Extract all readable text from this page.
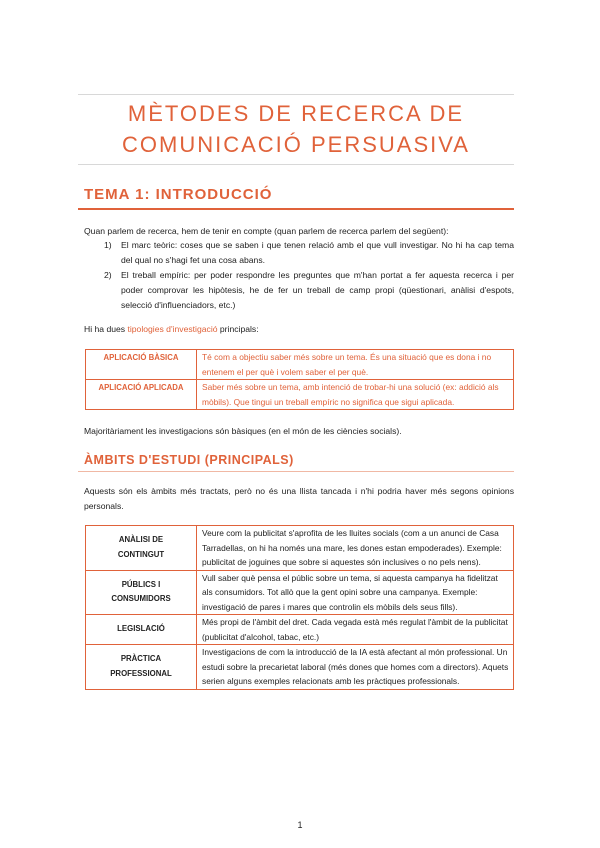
MÈTODES DE RECERCA DE
COMUNICACIÓ PERSUASIVA
TEMA 1: INTRODUCCIÓ
Quan parlem de recerca, hem de tenir en compte (quan parlem de recerca parlem del següent):
1) El marc teòric: coses que se saben i que tenen relació amb el que vull investigar. No hi ha cap tema del qual no s'hagi fet una cosa abans.
2) El treball empíric: per poder respondre les preguntes que m'han portat a fer aquesta recerca i per poder comprovar les hipòtesis, he de fer un treball de camp propi (qüestionari, anàlisi d'espots, selecció d'influenciadors, etc.)
Hi ha dues tipologies d'investigació principals:
APLICACIÓ BÀSICA	Té com a objectiu saber més sobre un tema. És una situació que es dona i no entenem el per què i volem saber el per què.
APLICACIÓ APLICADA	Saber més sobre un tema, amb intenció de trobar-hi una solució (ex: addició als mòbils). Que tingui un treball empíric no significa que sigui aplicada.
Majoritàriament les investigacions són bàsiques (en el món de les ciències socials).
ÀMBITS D'ESTUDI (PRINCIPALS)
Aquests són els àmbits més tractats, però no és una llista tancada i n'hi podria haver més segons opinions personals.
ANÀLISI DE
CONTINGUT	Veure com la publicitat s'aprofita de les lluites socials (com a un anunci de Casa Tarradellas, on hi ha només una mare, les dones estan empoderades). Exemple: publicitat de joguines que sobre si aquestes són inclusives o no pels nens).

PÚBLICS I
CONSUMIDORS	Vull saber què pensa el públic sobre un tema, si aquesta campanya ha fidelitzat als consumidors. Tot allò que la gent opini sobre una campanya. Exemple: investigació de pares i mares que controlin els mòbils dels seus fills).

LEGISLACIÓ	Més propi de l'àmbit del dret. Cada vegada està més regulat l'àmbit de la publicitat (publicitat d'alcohol, tabac, etc.)

PRÀCTICA
PROFESSIONAL	Investigacions de com la introducció de la IA està afectant al món professional. Un estudi sobre la precarietat laboral (més dones que homes com a directors). Aquets serien alguns exemples relacionats amb les pràctiques professionals.
1
